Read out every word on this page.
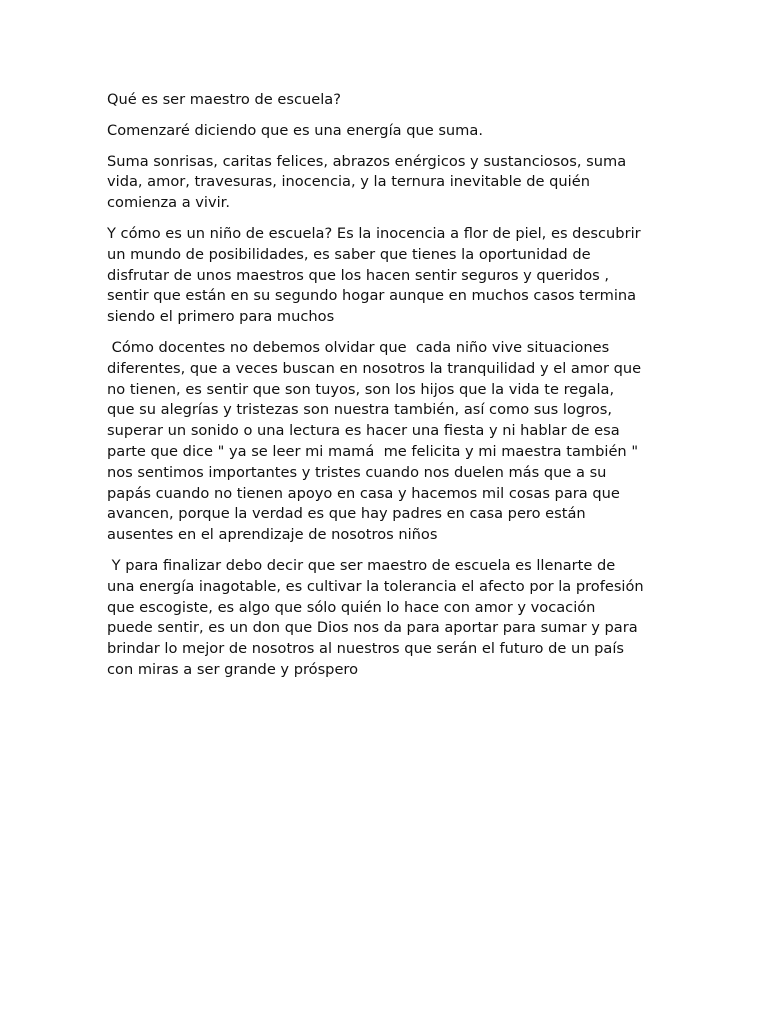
Qué es ser maestro de escuela?

Comenzaré diciendo que es una energía que suma.

Suma sonrisas, caritas felices, abrazos enérgicos y sustanciosos, suma
vida, amor, travesuras, inocencia, y la ternura inevitable de quién
comienza a vivir.

Y cómo es un niño de escuela? Es la inocencia a flor de piel, es descubrir
un mundo de posibilidades, es saber que tienes la oportunidad de
disfrutar de unos maestros que los hacen sentir seguros y queridos ,
sentir que están en su segundo hogar aunque en muchos casos termina
siendo el primero para muchos

Cómo docentes no debemos olvidar que  cada niño vive situaciones
diferentes, que a veces buscan en nosotros la tranquilidad y el amor que
no tienen, es sentir que son tuyos, son los hijos que la vida te regala,
que su alegrías y tristezas son nuestra también, así como sus logros,
superar un sonido o una lectura es hacer una fiesta y ni hablar de esa
parte que dice " ya se leer mi mamá  me felicita y mi maestra también "
nos sentimos importantes y tristes cuando nos duelen más que a su
papás cuando no tienen apoyo en casa y hacemos mil cosas para que
avancen, porque la verdad es que hay padres en casa pero están
ausentes en el aprendizaje de nosotros niños

Y para finalizar debo decir que ser maestro de escuela es llenarte de
una energía inagotable, es cultivar la tolerancia el afecto por la profesión
que escogiste, es algo que sólo quién lo hace con amor y vocación
puede sentir, es un don que Dios nos da para aportar para sumar y para
brindar lo mejor de nosotros al nuestros que serán el futuro de un país
con miras a ser grande y próspero
